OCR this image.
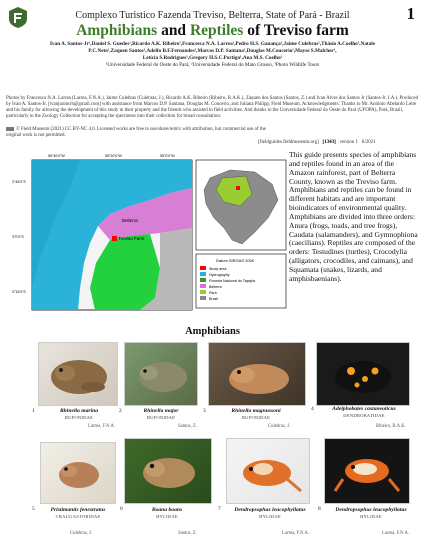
Complexo Turistico Fazenda Treviso, Belterra, State of Pará - Brazil	1
Amphibians and Reptiles of Treviso farm
Ivan A. Santos-Jr¹,Daniel S. Guedes¹,Ricardo A.K. Ribeiro¹,Francesca N.A. Larrea¹,Pedro H.S. Ganança¹,Jaime Culebras¹,Thásio A.Coelho¹,Natale
P.C.Neto¹,Zaquen Santos¹,Adelfo B.F.Fernandes¹,Marcos D.P. Santana¹,Douglas M.Coucerio¹,Mayse S.Malcher¹,
Letícia S.Rodrigues¹,Gregory H.S.C.Portigo¹,Ana M.S. Coelho¹
¹Universidade Federal do Oeste do Pará, ²Universidade Federal do Mato Grosso, ³Photo Wildlife Tours
Photos by Francesca N.A. Larrea (Larrea, F.N.A.), Jaime Culebras (Culebras, J.), Ricardo A.K. Ribeiro (Ribeiro, R.A.K.), Zaquen dos Santos (Santos, Z.) and Ivan Alves dos Santos Jr (Santos-Jr, I.A.). Produced by Ivan A. Santos-Jr. [ivanjuniorrh@gmail.com] with assistance from Marcos D.P. Santana, Douglas M. Coucerio, and Juliana Philipp, Field Museum. Acknowledgments: Thanks to Mr. Antônio Abelardo Leite and his family for allowing the development of this study in their property and the friends who assisted in field activities. And thanks to the Universidade Federal do Oeste do Pará (UFOPA), Pará, Brazil, particularly to the Zoology Collection for accepting the specimens into their collection for broad consultation.
© Field Museum (2021) CC BY-NC 4.0. Licensed works are free to use/share/remix with attribution, but commercial use of the original work is not permitted.
[fieldguides.fieldmuseum.org] [1343] version 1 8/2021
Treviso Farm
Belterra
55°40'0"W	55°20'0"W	55°0'0"W
2°45'0"S
3°0'0"S
3°15'0"S
Datum SIRGAS 2000
Study area
Hydrography
Floresta Nacional do Tapajós
Belterra
Pará
Brazil
This guide presents species of amphibians and reptiles found in an area of the Amazon rainforest, part of Belterra County, known as the Treviso farm. Amphibians and reptiles can be found in different habitats and are important bioindicators of environmental quality. Amphibians are divided into three orders: Anura (frogs, toads, and tree frogs), Caudata (salamanders), and Gymnophiona (caecilians). Reptiles are composed of the orders: Testudines (turtles), Crocodylia (alligators, crocodiles, and caimans), and Squamata (snakes, lizards, and amphisbaenians).
Amphibians
1	Rhinella marina
BUFONIDAE
Larrea, F.N.A.
2	Rhinella major
BUFONIDAE
Santos, Z.
3	Rhinella magnussoni
BUFONIDAE
Culebras, J.
4	Adelphobates castaneoticus
DENDROBATIDAE
Ribeiro, R.A.K.
5	Pristimantis fenestratus
CRAUGASTORIDAE
Culebras, J.
6	Boana boans
HYLIDAE
Santos, Z.
7	Dendropsophus leucophyllatus
HYLIDAE
Larrea, F.N.A.
8	Dendropsophus leucophyllatus
HYLIDAE
Larrea, F.N.A.
